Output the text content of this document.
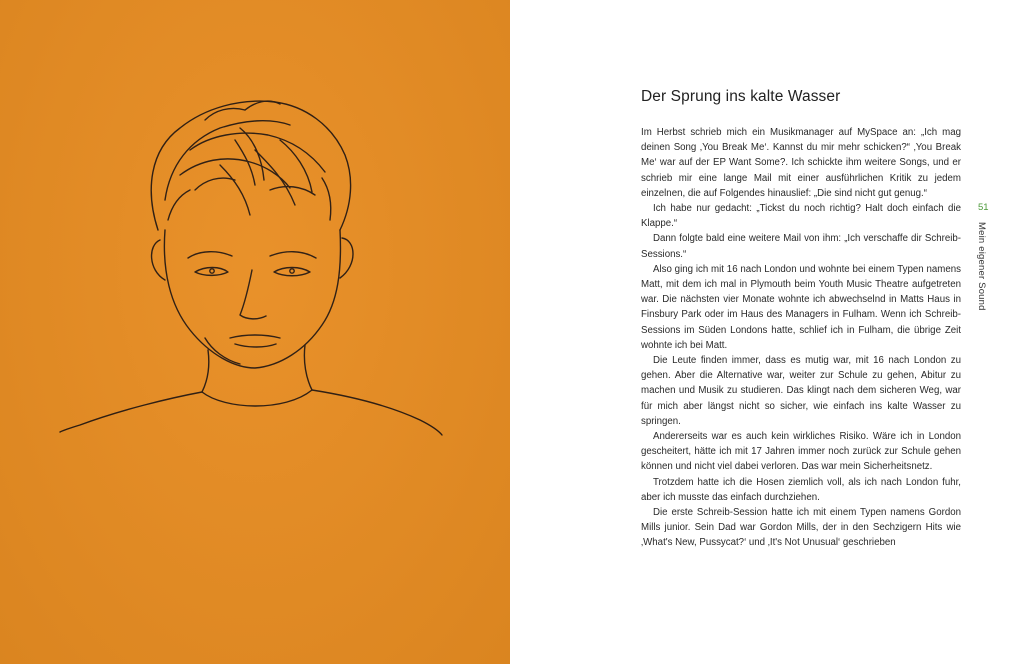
Der Sprung ins kalte Wasser

Im Herbst schrieb mich ein Musikmanager auf MySpace an: „Ich mag deinen Song ‚You Break Me‘. Kannst du mir mehr schicken?“ ‚You Break Me‘ war auf der EP Want Some?. Ich schickte ihm weitere Songs, und er schrieb mir eine lange Mail mit einer ausführlichen Kritik zu jedem einzelnen, die auf Folgendes hinauslief: „Die sind nicht gut genug.“

Ich habe nur gedacht: „Tickst du noch richtig? Halt doch einfach die Klappe.“

Dann folgte bald eine weitere Mail von ihm: „Ich verschaffe dir Schreib-Sessions.“

Also ging ich mit 16 nach London und wohnte bei einem Typen namens Matt, mit dem ich mal in Plymouth beim Youth Music Theatre aufgetreten war. Die nächsten vier Monate wohnte ich abwechselnd in Matts Haus in Finsbury Park oder im Haus des Managers in Fulham. Wenn ich Schreib-Sessions im Süden Londons hatte, schlief ich in Fulham, die übrige Zeit wohnte ich bei Matt.

Die Leute finden immer, dass es mutig war, mit 16 nach London zu gehen. Aber die Alternative war, weiter zur Schule zu gehen, Abitur zu machen und Musik zu studieren. Das klingt nach dem sicheren Weg, war für mich aber längst nicht so sicher, wie einfach ins kalte Wasser zu springen.

Andererseits war es auch kein wirkliches Risiko. Wäre ich in London gescheitert, hätte ich mit 17 Jahren immer noch zurück zur Schule gehen können und nicht viel dabei verloren. Das war mein Sicherheitsnetz.

Trotzdem hatte ich die Hosen ziemlich voll, als ich nach London fuhr, aber ich musste das einfach durchziehen.

Die erste Schreib-Session hatte ich mit einem Typen namens Gordon Mills junior. Sein Dad war Gordon Mills, der in den Sechzigern Hits wie ‚What's New, Pussycat?‘ und ‚It's Not Unusual‘ geschrieben

51
Mein eigener Sound
